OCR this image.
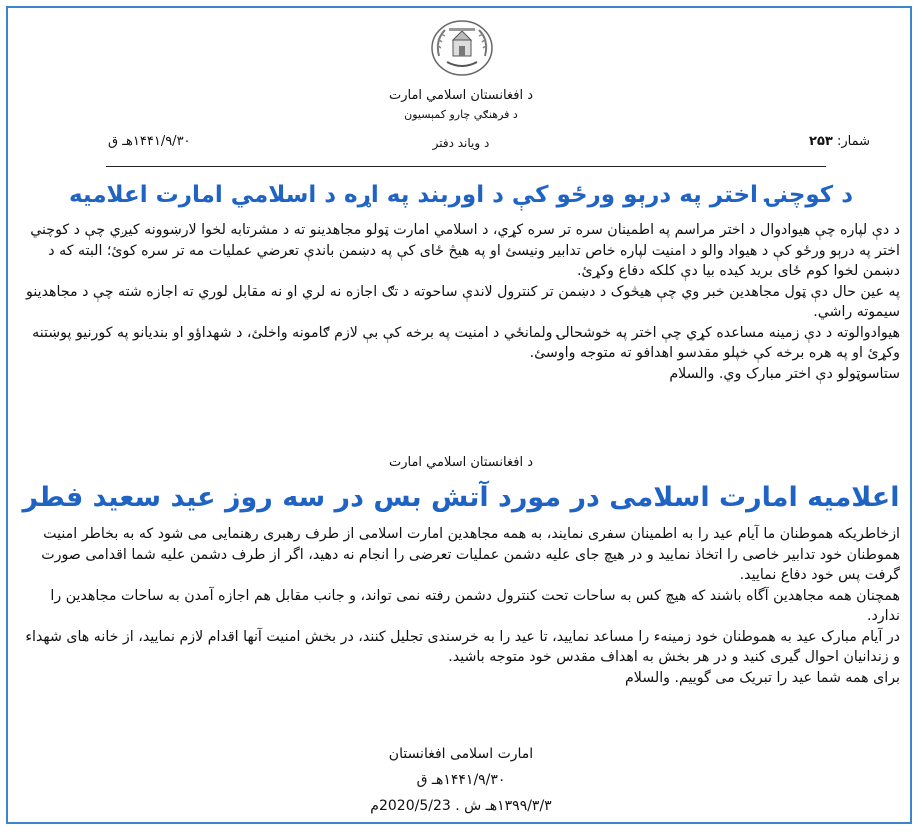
د افغانستان اسلامي امارت
د فرهنګي چارو کمېسيون
د ویاند دفتر	شمار: ۲۵۳
۱۴۴۱/۹/۳۰هـ ق
د کوچنۍ اختر په درېو ورځو کې د اوربند په اړه د اسلامي امارت اعلاميه

د دې لپاره چې هيوادوال د اختر مراسم په اطمينان سره تر سره کړي، د اسلامي امارت ټولو مجاهدينو ته د مشرتابه لخوا لارښوونه کيږي چې د کوچني اختر په درېو ورځو کې د هيواد والو د امنيت لپاره خاص تدابير ونيسئ او په هيڅ ځای کې په دښمن باندې تعرضي عمليات مه تر سره کوئ؛ البته که د دښمن لخوا کوم ځای بريد کيده بيا دې کلکه دفاع وکړئ.

په عين حال دې ټول مجاهدين خبر وي چې هيڅوک د دښمن تر کنترول لاندې ساحوته د تګ اجازه نه لري او نه مقابل لوري ته اجازه شته چې د مجاهدينو سيموته راشي.

هيوادوالوته د دې زمينه مساعده کړي چې اختر په خوشحالۍ ولمانځي د امنيت په برخه کې بې لازم ګامونه واخلئ، د شهداؤو او بنديانو په کورنيو پوښتنه وکړئ او په هره برخه کې خپلو مقدسو اهدافو ته متوجه واوسئ.

ستاسوټولو دې اختر مبارک وي. والسلام

د افغانستان اسلامي امارت
اعلامیه امارت اسلامی در مورد آتش بس در سه روز عید سعید فطر

ازخاطریکه هموطنان ما آیام عید را به اطمینان سفری نمایند، به همه مجاهدین امارت اسلامی از طرف رهبری رهنمایی می شود که به بخاطر امنیت هموطنان خود تدابیر خاصی را اتخاذ نمایید و در هیچ جای علیه دشمن عملیات تعرضی را انجام نه دهید، اگر از طرف دشمن علیه شما اقدامی صورت گرفت پس خود دفاع نمایید.

همچنان همه مجاهدین آگاه باشند که هیچ کس به ساحات تحت کنترول دشمن رفته نمی تواند، و جانب مقابل هم اجازه آمدن به ساحات مجاهدین را ندارد.

در آیام مبارک عید به هموطنان خود زمینهء را مساعد نمایید، تا عید را به خرسندی تجلیل کنند، در بخش امنیت آنها اقدام لازم نمایید، از خانه های شهداء و زندانیان احوال گیری کنید و در هر بخش به اهداف مقدس خود متوجه باشید.

برای همه شما عید را تبریک می گوییم. والسلام

امارت اسلامی افغانستان
۱۴۴۱/۹/۳۰هـ ق
۱۳۹۹/۳/۳هـ ش . 2020/5/23م
